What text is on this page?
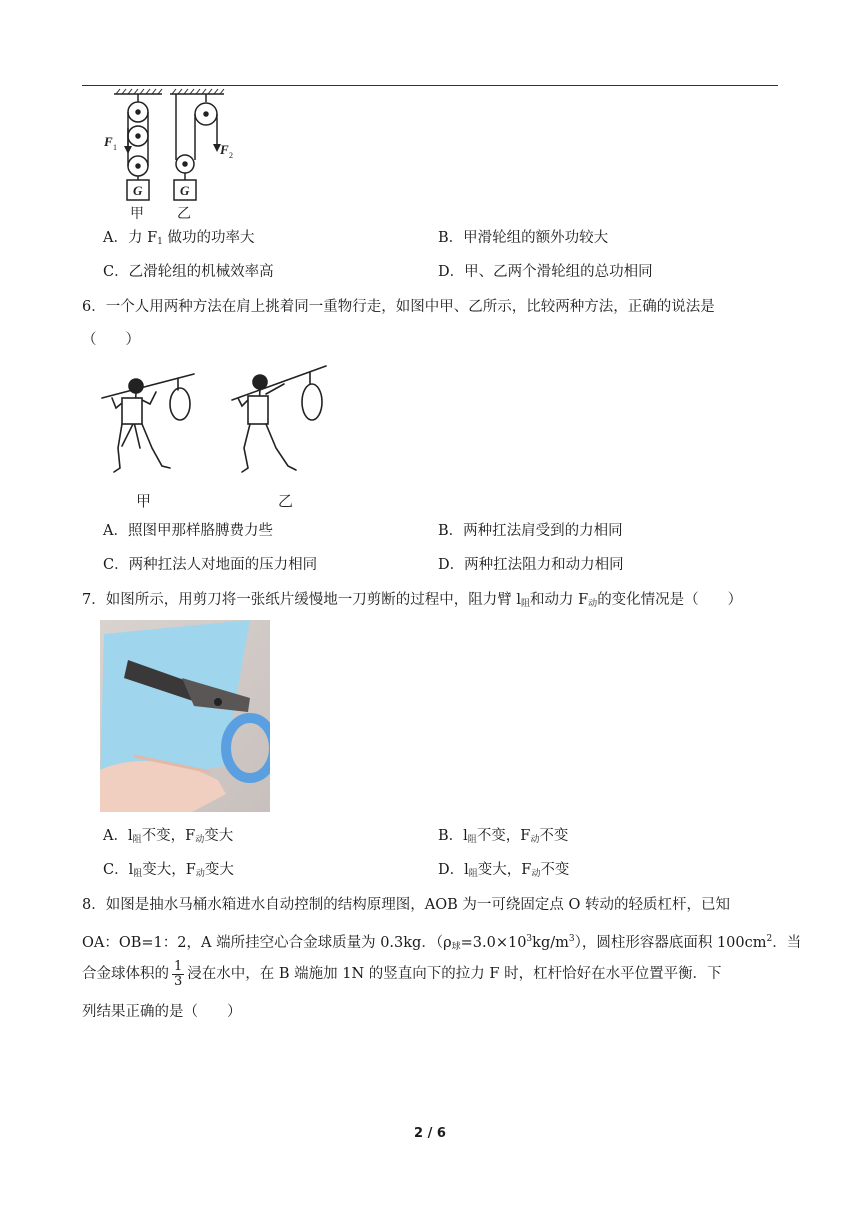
F 1	F 2
G	G
甲 乙
A．力 $F_1$ 做功的功率大	B．甲滑轮组的额外功较大
C．乙滑轮组的机械效率高	D．甲、乙两个滑轮组的总功相同
6．一个人用两种方法在肩上挑着同一重物行走，如图中甲、乙所示，比较两种方法，正确的说法是
（　　）
甲	乙
A．照图甲那样胳膊费力些	B．两种扛法肩受到的力相同
C．两种扛法人对地面的压力相同	D．两种扛法阻力和动力相同
7．如图所示，用剪刀将一张纸片缓慢地一刀剪断的过程中，阻力臂 $l_阻$和动力 $F_动$的变化情况是（　　）
A．$l_阻$不变，$F_动$变大	B．$l_阻$不变，$F_动$不变
C．$l_阻$变大，$F_动$变大	D．$l_阻$变大，$F_动$不变
8．如图是抽水马桶水箱进水自动控制的结构原理图，AOB 为一可绕固定点 O 转动的轻质杠杆，已知
OA：OB=1：2，A 端所挂空心合金球质量为 0.3kg．$(\rho_球=3.0\times 10^3kg/m^3)$，圆柱形容器底面积 $100cm^2$．当
合金球体积的 $\frac{1}{3}$ 浸在水中，在 B 端施加 1N 的竖直向下的拉力 F 时，杠杆恰好在水平位置平衡．下
列结果正确的是（　　）
2 / 6
